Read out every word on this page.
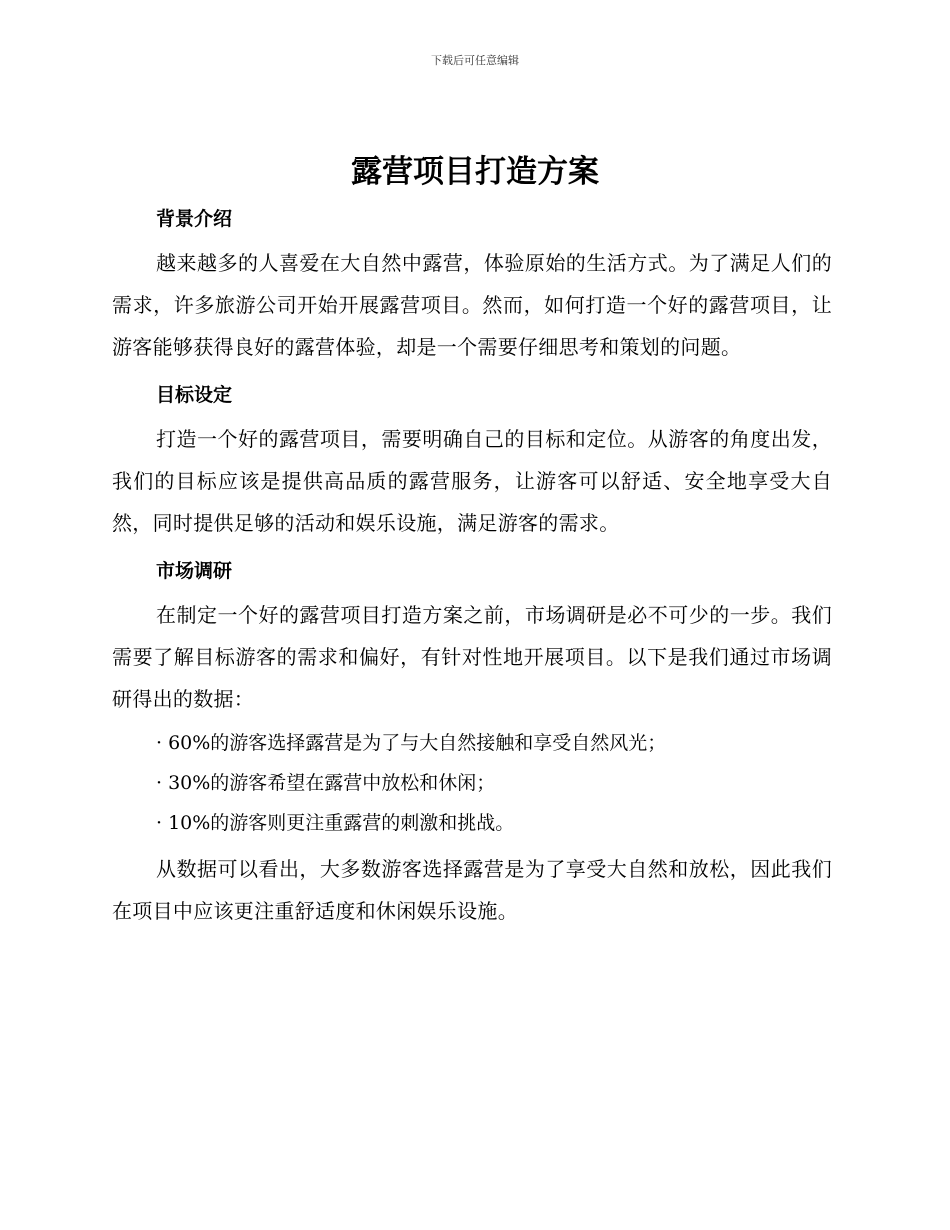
下载后可任意编辑
露营项目打造方案
背景介绍

越来越多的人喜爱在大自然中露营，体验原始的生活方式。为了满足人们的需求，许多旅游公司开始开展露营项目。然而，如何打造一个好的露营项目，让游客能够获得良好的露营体验，却是一个需要仔细思考和策划的问题。

目标设定

打造一个好的露营项目，需要明确自己的目标和定位。从游客的角度出发，我们的目标应该是提供高品质的露营服务，让游客可以舒适、安全地享受大自然，同时提供足够的活动和娱乐设施，满足游客的需求。

市场调研

在制定一个好的露营项目打造方案之前，市场调研是必不可少的一步。我们需要了解目标游客的需求和偏好，有针对性地开展项目。以下是我们通过市场调研得出的数据：

· 60%的游客选择露营是为了与大自然接触和享受自然风光；
· 30%的游客希望在露营中放松和休闲；
· 10%的游客则更注重露营的刺激和挑战。

从数据可以看出，大多数游客选择露营是为了享受大自然和放松，因此我们在项目中应该更注重舒适度和休闲娱乐设施。
